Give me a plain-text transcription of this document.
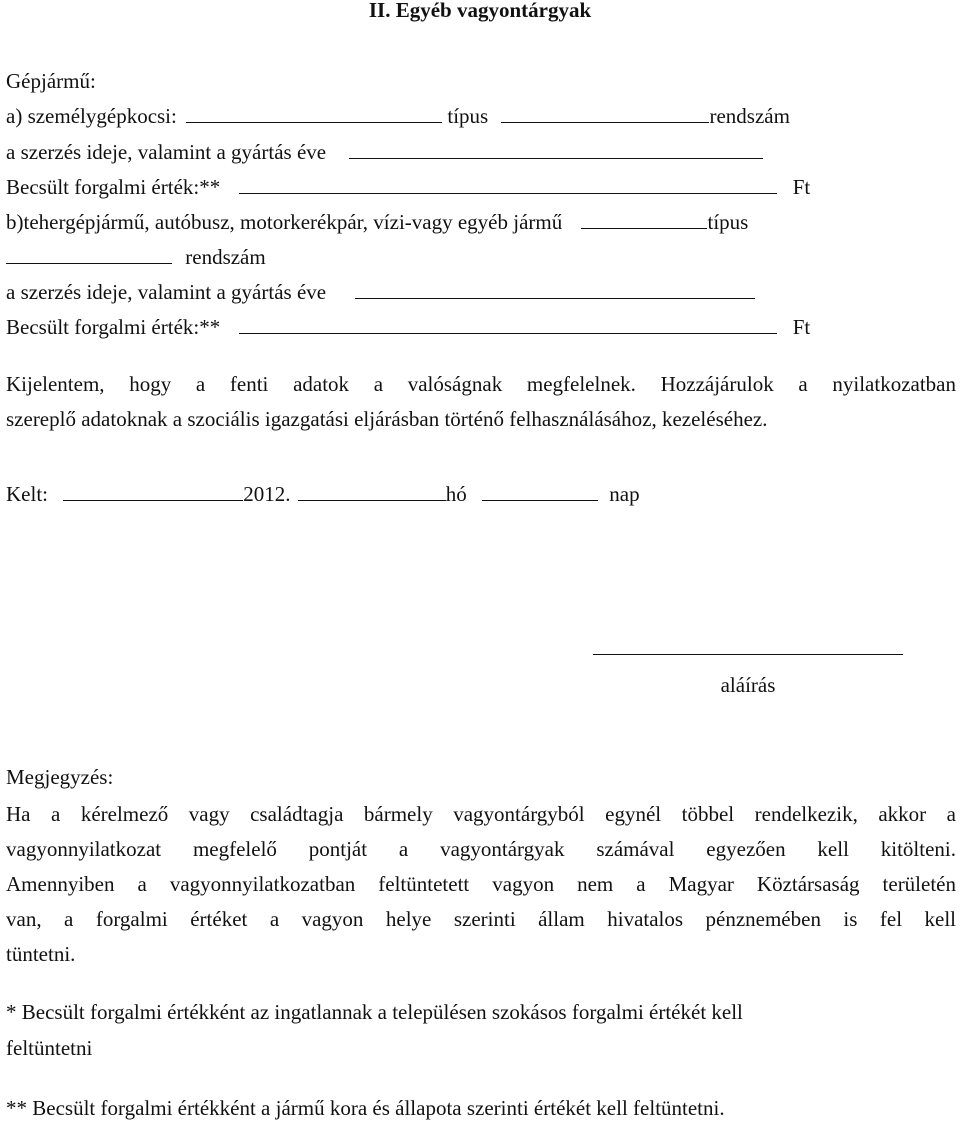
II. Egyéb vagyontárgyak
Gépjármű:
a) személygépkocsi:	típus	rendszám
a szerzés ideje, valamint a gyártás éve
Becsült forgalmi érték:**	Ft
b)tehergépjármű, autóbusz, motorkerékpár, vízi-vagy egyéb jármű	típus
rendszám
a szerzés ideje, valamint a gyártás éve
Becsült forgalmi érték:**	Ft

Kijelentem, hogy a fenti adatok a valóságnak megfelelnek. Hozzájárulok a nyilatkozatban

szereplő adatoknak a szociális igazgatási eljárásban történő felhasználásához, kezeléséhez.

Kelt:	2012.	hó	nap
aláírás
Megjegyzés:

Ha a kérelmező vagy családtagja bármely vagyontárgyból egynél többel rendelkezik, akkor a

vagyonnyilatkozat megfelelő pontját a vagyontárgyak számával egyezően kell kitölteni.

Amennyiben a vagyonnyilatkozatban feltüntetett vagyon nem a Magyar Köztársaság területén

van, a forgalmi értéket a vagyon helye szerinti állam hivatalos pénznemében is fel kell

tüntetni.

* Becsült forgalmi értékként az ingatlannak a településen szokásos forgalmi értékét kell
feltüntetni
** Becsült forgalmi értékként a jármű kora és állapota szerinti értékét kell feltüntetni.
